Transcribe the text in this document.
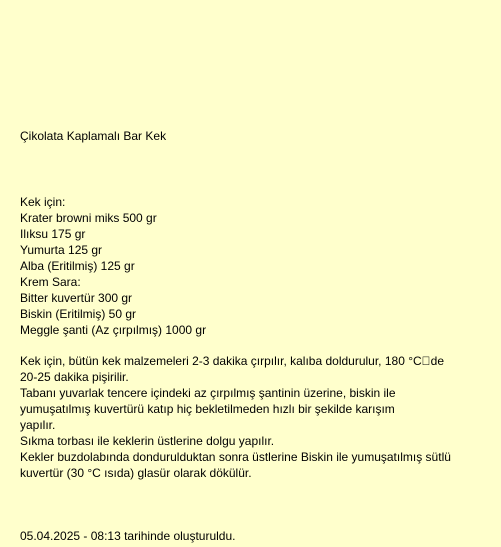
Çikolata Kaplamalı Bar Kek
Kek için:
Krater browni miks 500 gr
Ilıksu 175 gr
Yumurta 125 gr
Alba (Eritilmiş) 125 gr
Krem Sara:
Bitter kuvertür 300 gr
Biskin (Eritilmiş) 50 gr
Meggle şanti (Az çırpılmış) 1000 gr
Kek için, bütün kek malzemeleri 2-3 dakika çırpılır, kalıba doldurulur, 180 °C de
20-25 dakika pişirilir.
Tabanı yuvarlak tencere içindeki az çırpılmış şantinin üzerine, biskin ile
yumuşatılmış kuvertürü katıp hiç bekletilmeden hızlı bir şekilde karışım
yapılır.
Sıkma torbası ile keklerin üstlerine dolgu yapılır.
Kekler buzdolabında dondurulduktan sonra üstlerine Biskin ile yumuşatılmış sütlü
kuvertür (30 °C ısıda) glasür olarak dökülür.
05.04.2025 - 08:13 tarihinde oluşturuldu.
